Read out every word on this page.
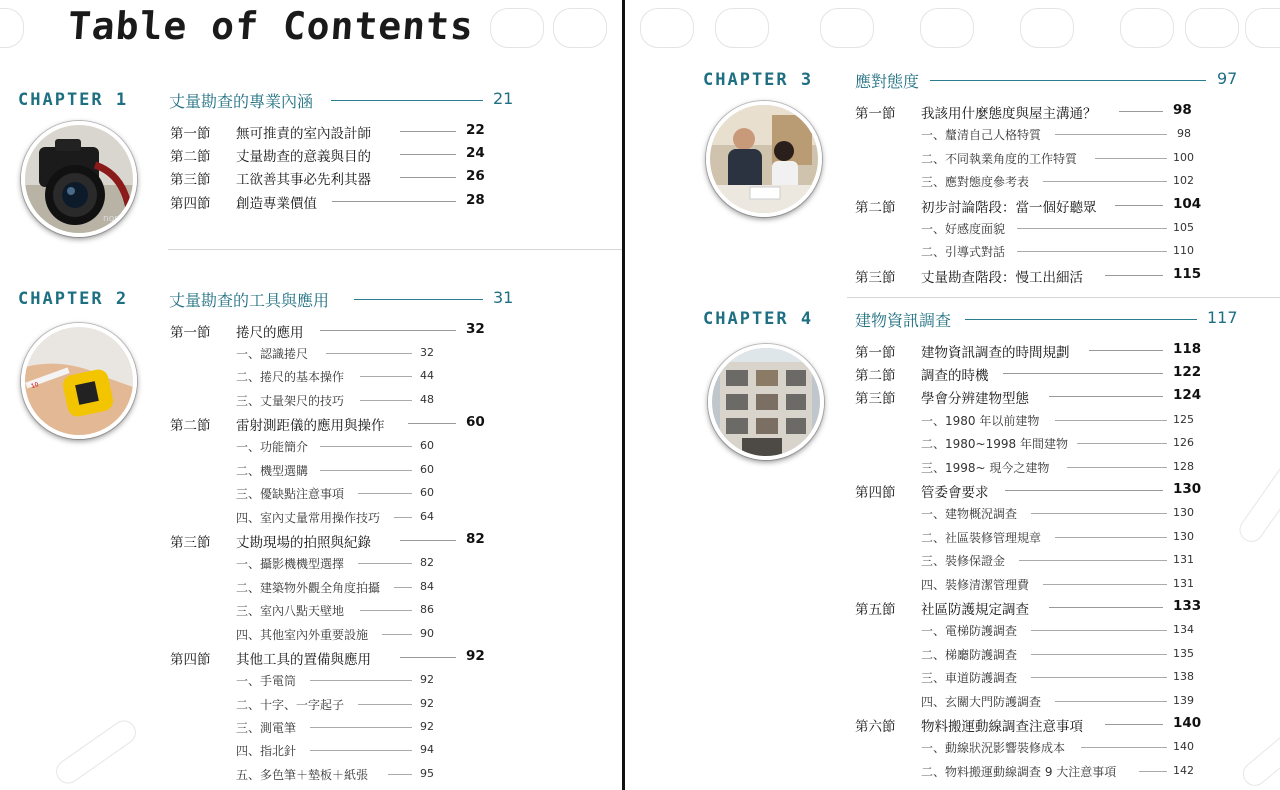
Table of Contents
CHAPTER 1	丈量勘查的專業內涵	21
non
第一節 無可推責的室內設計師	22
第二節 丈量勘查的意義與目的	24
第三節 工欲善其事必先利其器	26
第四節 創造專業價值	28
CHAPTER 2	丈量勘查的工具與應用	31
10
第一節 捲尺的應用	32
一、認識捲尺	32
二、捲尺的基本操作	44
三、丈量架尺的技巧	48
第二節 雷射測距儀的應用與操作	60
一、功能簡介	60
二、機型選購	60
三、優缺點注意事項	60
四、室內丈量常用操作技巧	64
第三節 丈勘現場的拍照與紀錄	82
一、攝影機機型選擇	82
二、建築物外觀全角度拍攝	84
三、室內八點天壁地	86
四、其他室內外重要設施	90
第四節 其他工具的置備與應用	92
一、手電筒	92
二、十字、一字起子	92
三、測電筆	92
四、指北針	94
五、多色筆＋墊板＋紙張	95
CHAPTER 3	應對態度	97
第一節 我該用什麼態度與屋主溝通？	98
一、釐清自己人格特質	98
二、不同執業角度的工作特質	100
三、應對態度參考表	102
第二節 初步討論階段：當一個好聽眾	104
一、好感度面貌	105
二、引導式對話	110
第三節 丈量勘查階段：慢工出細活	115
CHAPTER 4	建物資訊調查	117
第一節 建物資訊調查的時間規劃	118
第二節 調查的時機	122
第三節 學會分辨建物型態	124
一、1980 年以前建物	125
二、1980~1998 年間建物	126
三、1998~ 現今之建物	128
第四節 管委會要求	130
一、建物概況調查	130
二、社區裝修管理規章	130
三、裝修保證金	131
四、裝修清潔管理費	131
第五節 社區防護規定調查	133
一、電梯防護調查	134
二、梯廳防護調查	135
三、車道防護調查	138
四、玄關大門防護調查	139
第六節 物料搬運動線調查注意事項	140
一、動線狀況影響裝修成本	140
二、物料搬運動線調查 9 大注意事項	142
